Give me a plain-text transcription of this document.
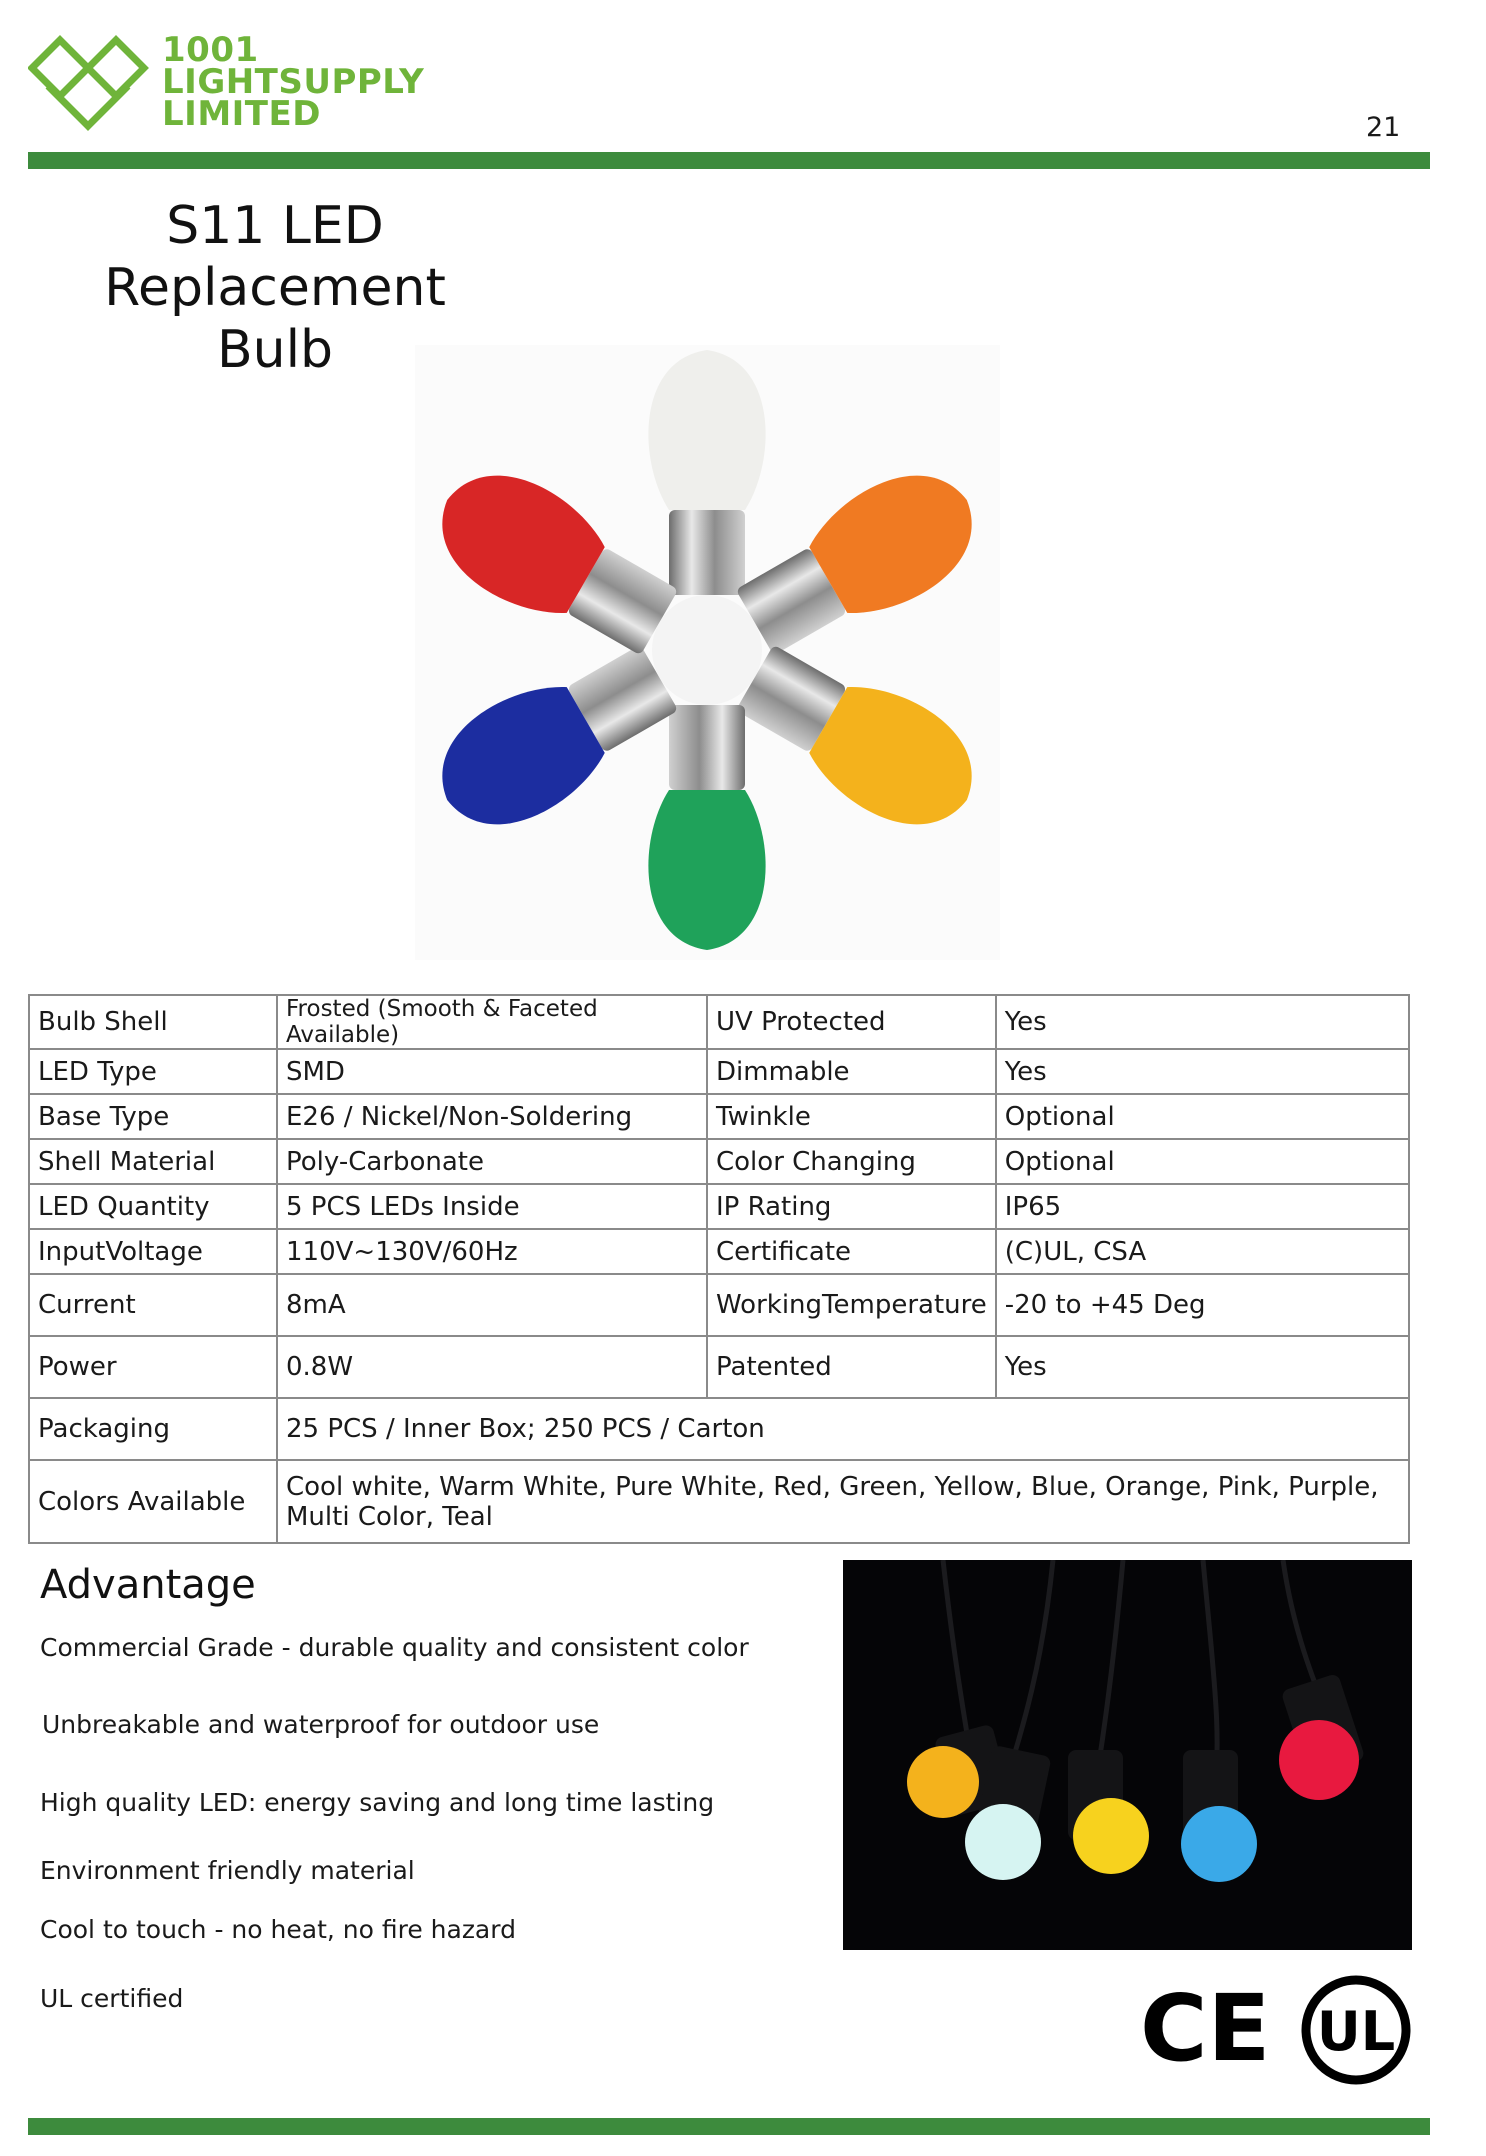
1001
LIGHTSUPPLY
LIMITED	21
S11 LED
Replacement Bulb
Bulb Shell	Frosted (Smooth & Faceted Available)	UV Protected	Yes
LED Type	SMD	Dimmable	Yes
Base Type	E26 / Nickel/Non-Soldering	Twinkle	Optional
Shell Material	Poly-Carbonate	Color Changing	Optional
LED Quantity	5 PCS LEDs Inside	IP Rating	IP65
InputVoltage	110V~130V/60Hz	Certificate	(C)UL, CSA
Current	8mA	WorkingTemperature	-20 to +45 Deg
Power	0.8W	Patented	Yes
Packaging	25 PCS / Inner Box; 250 PCS / Carton		
Colors Available	Cool white, Warm White, Pure White, Red, Green, Yellow, Blue, Orange, Pink, Purple, Multi Color, Teal		
Advantage
Commercial Grade - durable quality and consistent color
Unbreakable and waterproof for outdoor use
High quality LED: energy saving and long time lasting
Environment friendly material
Cool to touch - no heat, no fire hazard
UL certified	CE UL
